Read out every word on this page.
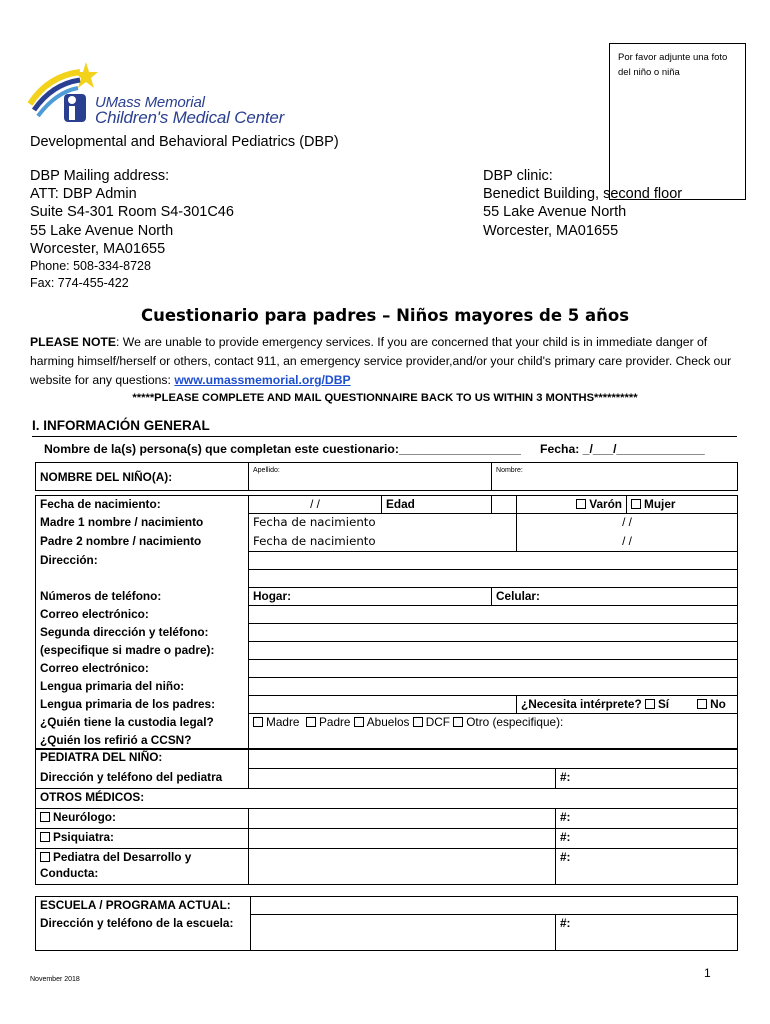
Por favor adjunte una foto del niño o niña
UMass Memorial
Children's Medical Center
Developmental and Behavioral Pediatrics (DBP)
DBP Mailing address:
ATT: DBP Admin
Suite S4-301 Room S4-301C46
55 Lake Avenue North
Worcester, MA01655
Phone: 508-334-8728
Fax: 774-455-422
DBP clinic:
Benedict Building, second floor
55 Lake Avenue North
Worcester, MA01655
Cuestionario para padres – Niños mayores de 5 años
PLEASE NOTE: We are unable to provide emergency services. If you are concerned that your child is in immediate danger of harming himself/herself or others, contact 911, an emergency service provider,and/or your child's primary care provider. Check our website for any questions: www.umassmemorial.org/DBP
*****PLEASE COMPLETE AND MAIL QUESTIONNAIRE BACK TO US WITHIN 3 MONTHS**********
I. INFORMACIÓN GENERAL
Nombre de la(s) persona(s) que completan este cuestionario:__________________ Fecha: _/___/_____________
NOMBRE DEL NIÑO(A):	Apellido:		Nombre:		

Fecha de nacimiento:	/ /	Edad		Varón	Mujer
Madre 1 nombre / nacimiento	Fecha de nacimiento			/ /	
Padre 2 nombre / nacimiento	Fecha de nacimiento			/ /	
Dirección:					

Números de teléfono:	Hogar:		Celular:		
Correo electrónico:					
Segunda dirección y teléfono:					
(especifique si madre o padre):					
Correo electrónico:					
Lengua primaria del niño:					
Lengua primaria de los padres:				¿Necesita intérprete? Sí No	
¿Quién tiene la custodia legal?	Madre Padre Abuelos DCF Otro (especifique):				
¿Quién los refirió a CCSN?					
PEDIATRA DEL NIÑO:		
Dirección y teléfono del pediatra		#:
OTROS MÉDICOS:		
Neurólogo:		#:
Psiquiatra:		#:
Pediatra del Desarrollo y
Conducta:		#:
ESCUELA / PROGRAMA ACTUAL:		
Dirección y teléfono de la escuela:		#:
November 2018	1
